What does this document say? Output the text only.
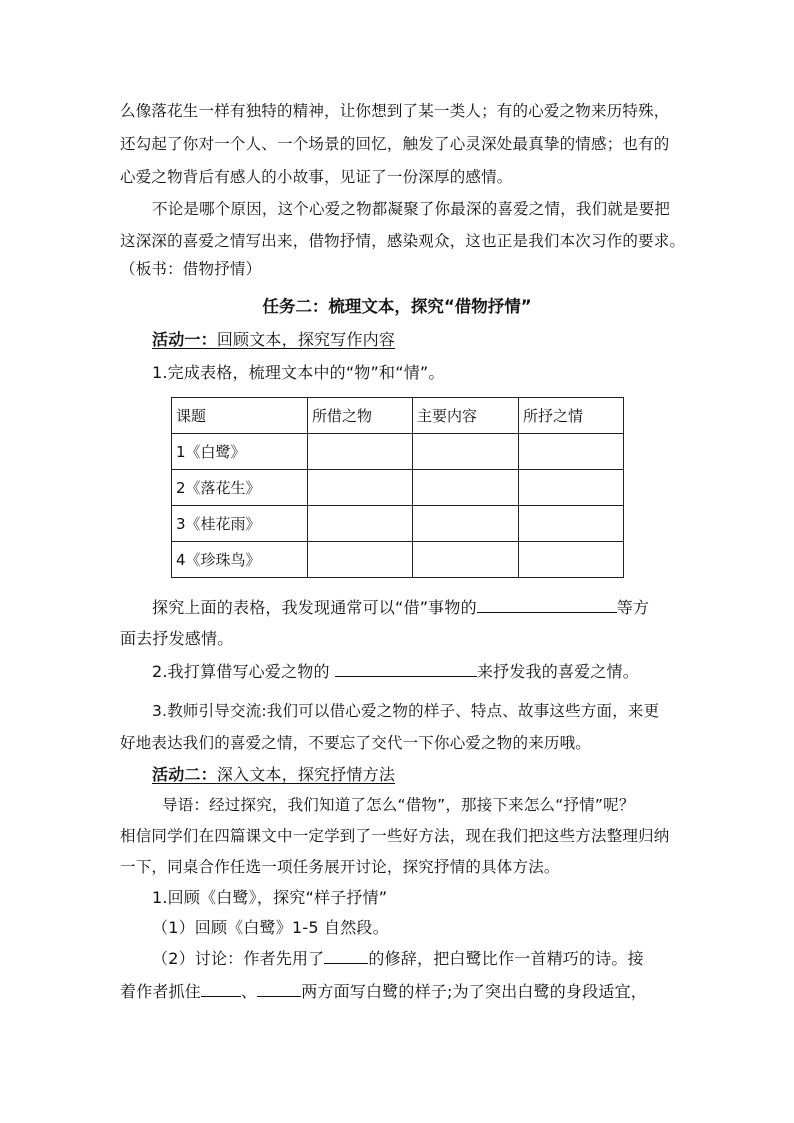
么像落花生一样有独特的精神，让你想到了某一类人；有的心爱之物来历特殊，
还勾起了你对一个人、一个场景的回忆，触发了心灵深处最真挚的情感；也有的
心爱之物背后有感人的小故事，见证了一份深厚的感情。
不论是哪个原因，这个心爱之物都凝聚了你最深的喜爱之情，我们就是要把
这深深的喜爱之情写出来，借物抒情，感染观众，这也正是我们本次习作的要求。
（板书：借物抒情）
任务二：梳理文本，探究“借物抒情”
活动一：回顾文本，探究写作内容
1.完成表格，梳理文本中的“物”和“情”。
课题	所借之物	主要内容	所抒之情
1《白鹭》			
2《落花生》			
3《桂花雨》			
4《珍珠鸟》			
探究上面的表格，我发现通常可以“借”事物的	等方
面去抒发感情。
2.我打算借写心爱之物的	来抒发我的喜爱之情。
3.教师引导交流:我们可以借心爱之物的样子、特点、故事这些方面，来更
好地表达我们的喜爱之情，不要忘了交代一下你心爱之物的来历哦。
活动二：深入文本，探究抒情方法
导语：经过探究，我们知道了怎么“借物”，那接下来怎么“抒情”呢？
相信同学们在四篇课文中一定学到了一些好方法，现在我们把这些方法整理归纳
一下，同桌合作任选一项任务展开讨论，探究抒情的具体方法。
1.回顾《白鹭》，探究“样子抒情”
（1）回顾《白鹭》1-5 自然段。
（2）讨论：作者先用了	的修辞，把白鹭比作一首精巧的诗。接
着作者抓住	、	两方面写白鹭的样子;为了突出白鹭的身段适宜，
